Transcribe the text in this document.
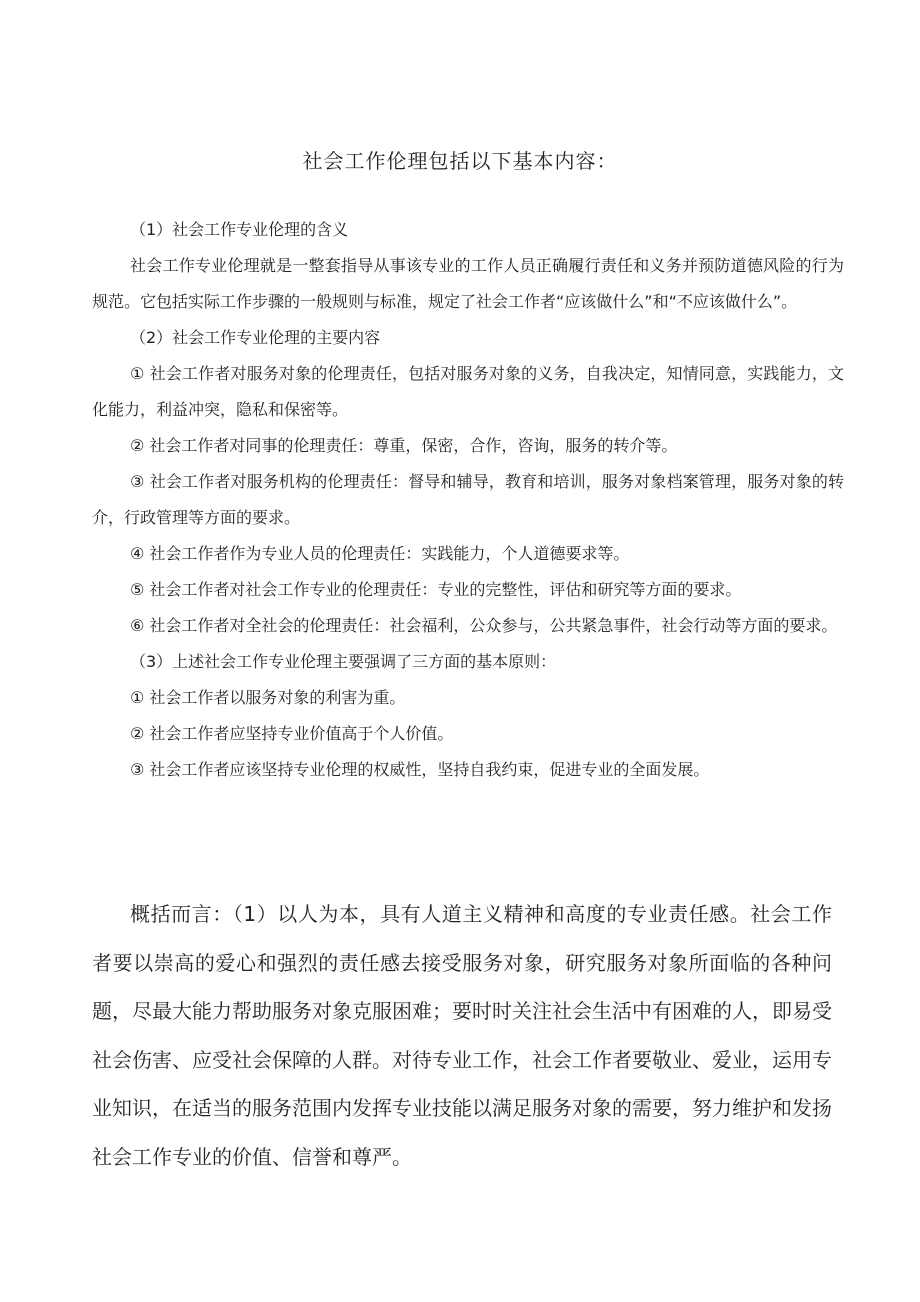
社会工作伦理包括以下基本内容：

（1）社会工作专业伦理的含义

社会工作专业伦理就是一整套指导从事该专业的工作人员正确履行责任和义务并预防道德风险的行为规范。它包括实际工作步骤的一般规则与标准，规定了社会工作者“应该做什么”和“不应该做什么”。

（2）社会工作专业伦理的主要内容

① 社会工作者对服务对象的伦理责任，包括对服务对象的义务，自我决定，知情同意，实践能力，文化能力，利益冲突，隐私和保密等。

② 社会工作者对同事的伦理责任：尊重，保密，合作，咨询，服务的转介等。

③ 社会工作者对服务机构的伦理责任：督导和辅导，教育和培训，服务对象档案管理，服务对象的转介，行政管理等方面的要求。

④ 社会工作者作为专业人员的伦理责任：实践能力，个人道德要求等。

⑤ 社会工作者对社会工作专业的伦理责任：专业的完整性，评估和研究等方面的要求。

⑥ 社会工作者对全社会的伦理责任：社会福利，公众参与，公共紧急事件，社会行动等方面的要求。

（3）上述社会工作专业伦理主要强调了三方面的基本原则：

① 社会工作者以服务对象的利害为重。

② 社会工作者应坚持专业价值高于个人价值。

③ 社会工作者应该坚持专业伦理的权威性，坚持自我约束，促进专业的全面发展。

概括而言：（1）以人为本，具有人道主义精神和高度的专业责任感。社会工作者要以崇高的爱心和强烈的责任感去接受服务对象，研究服务对象所面临的各种问题，尽最大能力帮助服务对象克服困难；要时时关注社会生活中有困难的人，即易受社会伤害、应受社会保障的人群。对待专业工作，社会工作者要敬业、爱业，运用专业知识，在适当的服务范围内发挥专业技能以满足服务对象的需要，努力维护和发扬社会工作专业的价值、信誉和尊严。
